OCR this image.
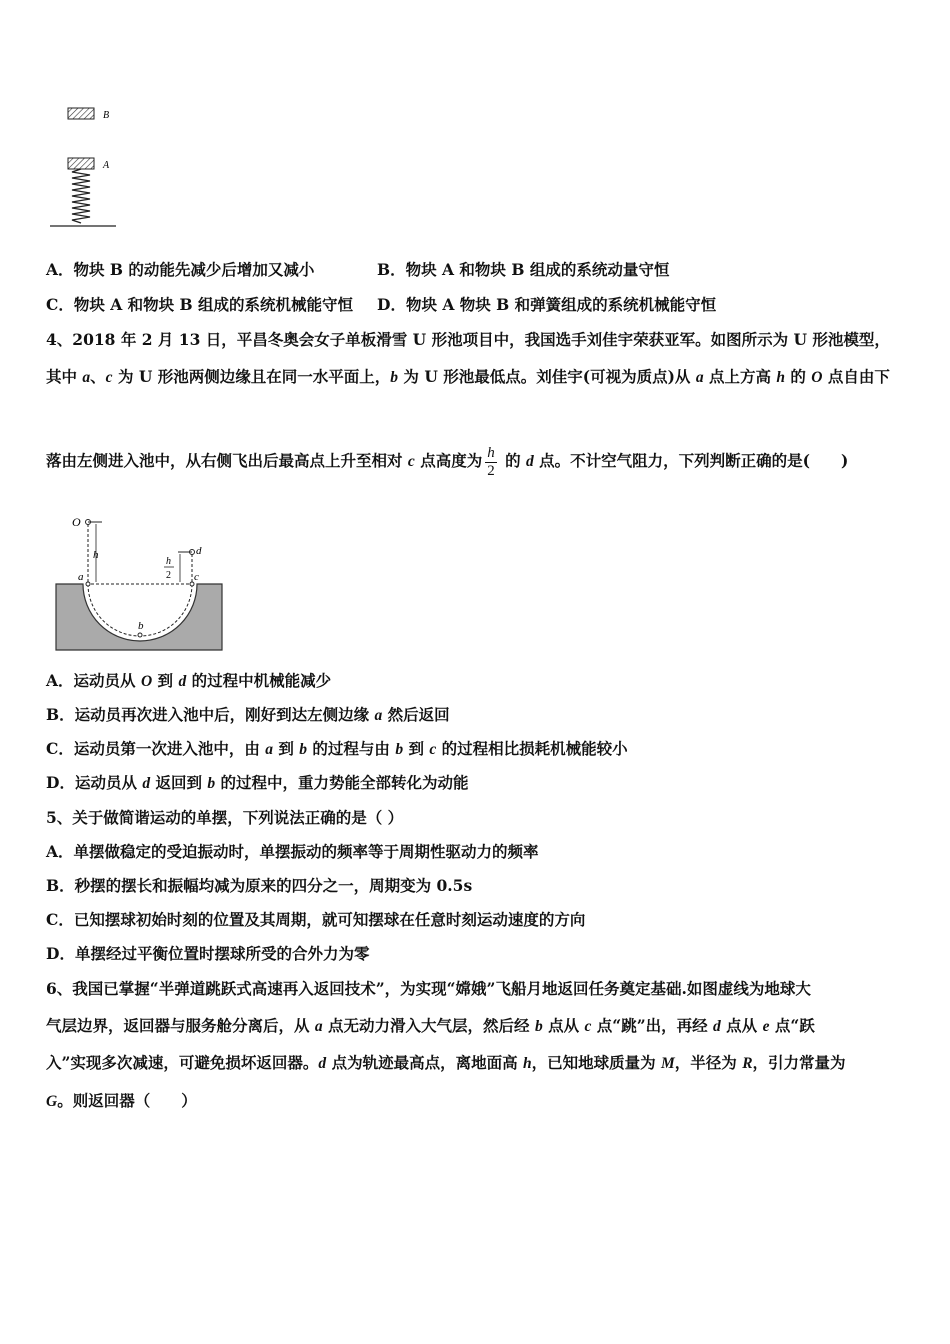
B
A
A．物块 B 的动能先减少后增加又减小	B．物块 A 和物块 B 组成的系统动量守恒
C．物块 A 和物块 B 组成的系统机械能守恒 D．物块 A 物块 B 和弹簧组成的系统机械能守恒
4、2018 年 2 月 13 日，平昌冬奥会女子单板滑雪 U 形池项目中，我国选手刘佳宇荣获亚军。如图所示为 U 形池模型，
其中 a、c 为 U 形池两侧边缘且在同一水平面上，b 为 U 形池最低点。刘佳宇(可视为质点)从 a 点上方高 h 的 O 点自由下
落由左侧进入池中，从右侧飞出后最高点上升至相对 c 点高度为 $\frac{h}{2}$ 的 d 点。不计空气阻力，下列判断正确的是(　　)
O
h
a	c
d
h
2
b
A．运动员从 O 到 d 的过程中机械能减少
B．运动员再次进入池中后，刚好到达左侧边缘 a 然后返回
C．运动员第一次进入池中，由 a 到 b 的过程与由 b 到 c 的过程相比损耗机械能较小
D．运动员从 d 返回到 b 的过程中，重力势能全部转化为动能
5、关于做简谐运动的单摆，下列说法正确的是（ ）
A．单摆做稳定的受迫振动时，单摆振动的频率等于周期性驱动力的频率
B．秒摆的摆长和振幅均减为原来的四分之一，周期变为 0.5s
C．已知摆球初始时刻的位置及其周期，就可知摆球在任意时刻运动速度的方向
D．单摆经过平衡位置时摆球所受的合外力为零
6、我国已掌握“半弹道跳跃式高速再入返回技术”，为实现“嫦娥”飞船月地返回任务奠定基础.如图虚线为地球大
气层边界，返回器与服务舱分离后，从 a 点无动力滑入大气层，然后经 b 点从 c 点“跳”出，再经 d 点从 e 点“跃
入”实现多次减速，可避免损坏返回器。d 点为轨迹最高点，离地面高 h，已知地球质量为 M，半径为 R，引力常量为
G。则返回器（　　）
